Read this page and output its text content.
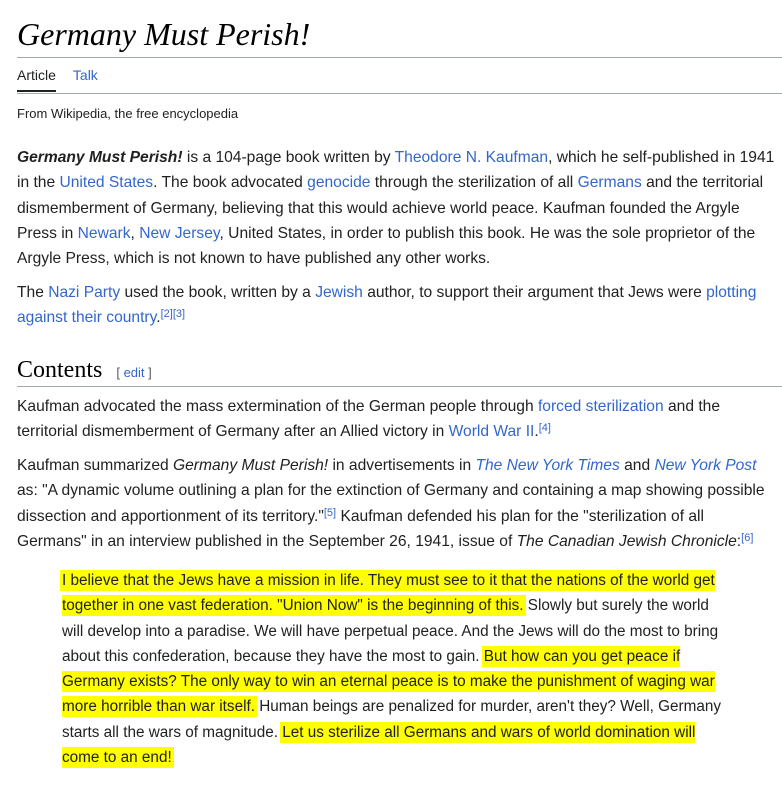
Germany Must Perish!
Article Talk
From Wikipedia, the free encyclopedia

Germany Must Perish! is a 104-page book written by Theodore N. Kaufman, which he self-published in 1941 in the United States. The book advocated genocide through the sterilization of all Germans and the territorial dismemberment of Germany, believing that this would achieve world peace. Kaufman founded the Argyle Press in Newark, New Jersey, United States, in order to publish this book. He was the sole proprietor of the Argyle Press, which is not known to have published any other works.

The Nazi Party used the book, written by a Jewish author, to support their argument that Jews were plotting against their country.[2][3]

Contents [ edit ]

Kaufman advocated the mass extermination of the German people through forced sterilization and the territorial dismemberment of Germany after an Allied victory in World War II.[4]

Kaufman summarized Germany Must Perish! in advertisements in The New York Times and New York Post as: "A dynamic volume outlining a plan for the extinction of Germany and containing a map showing possible dissection and apportionment of its territory."[5] Kaufman defended his plan for the "sterilization of all Germans" in an interview published in the September 26, 1941, issue of The Canadian Jewish Chronicle:[6]

I believe that the Jews have a mission in life. They must see to it that the nations of the world get together in one vast federation. "Union Now" is the beginning of this. Slowly but surely the world will develop into a paradise. We will have perpetual peace. And the Jews will do the most to bring about this confederation, because they have the most to gain. But how can you get peace if Germany exists? The only way to win an eternal peace is to make the punishment of waging war more horrible than war itself. Human beings are penalized for murder, aren't they? Well, Germany starts all the wars of magnitude. Let us sterilize all Germans and wars of world domination will come to an end!
